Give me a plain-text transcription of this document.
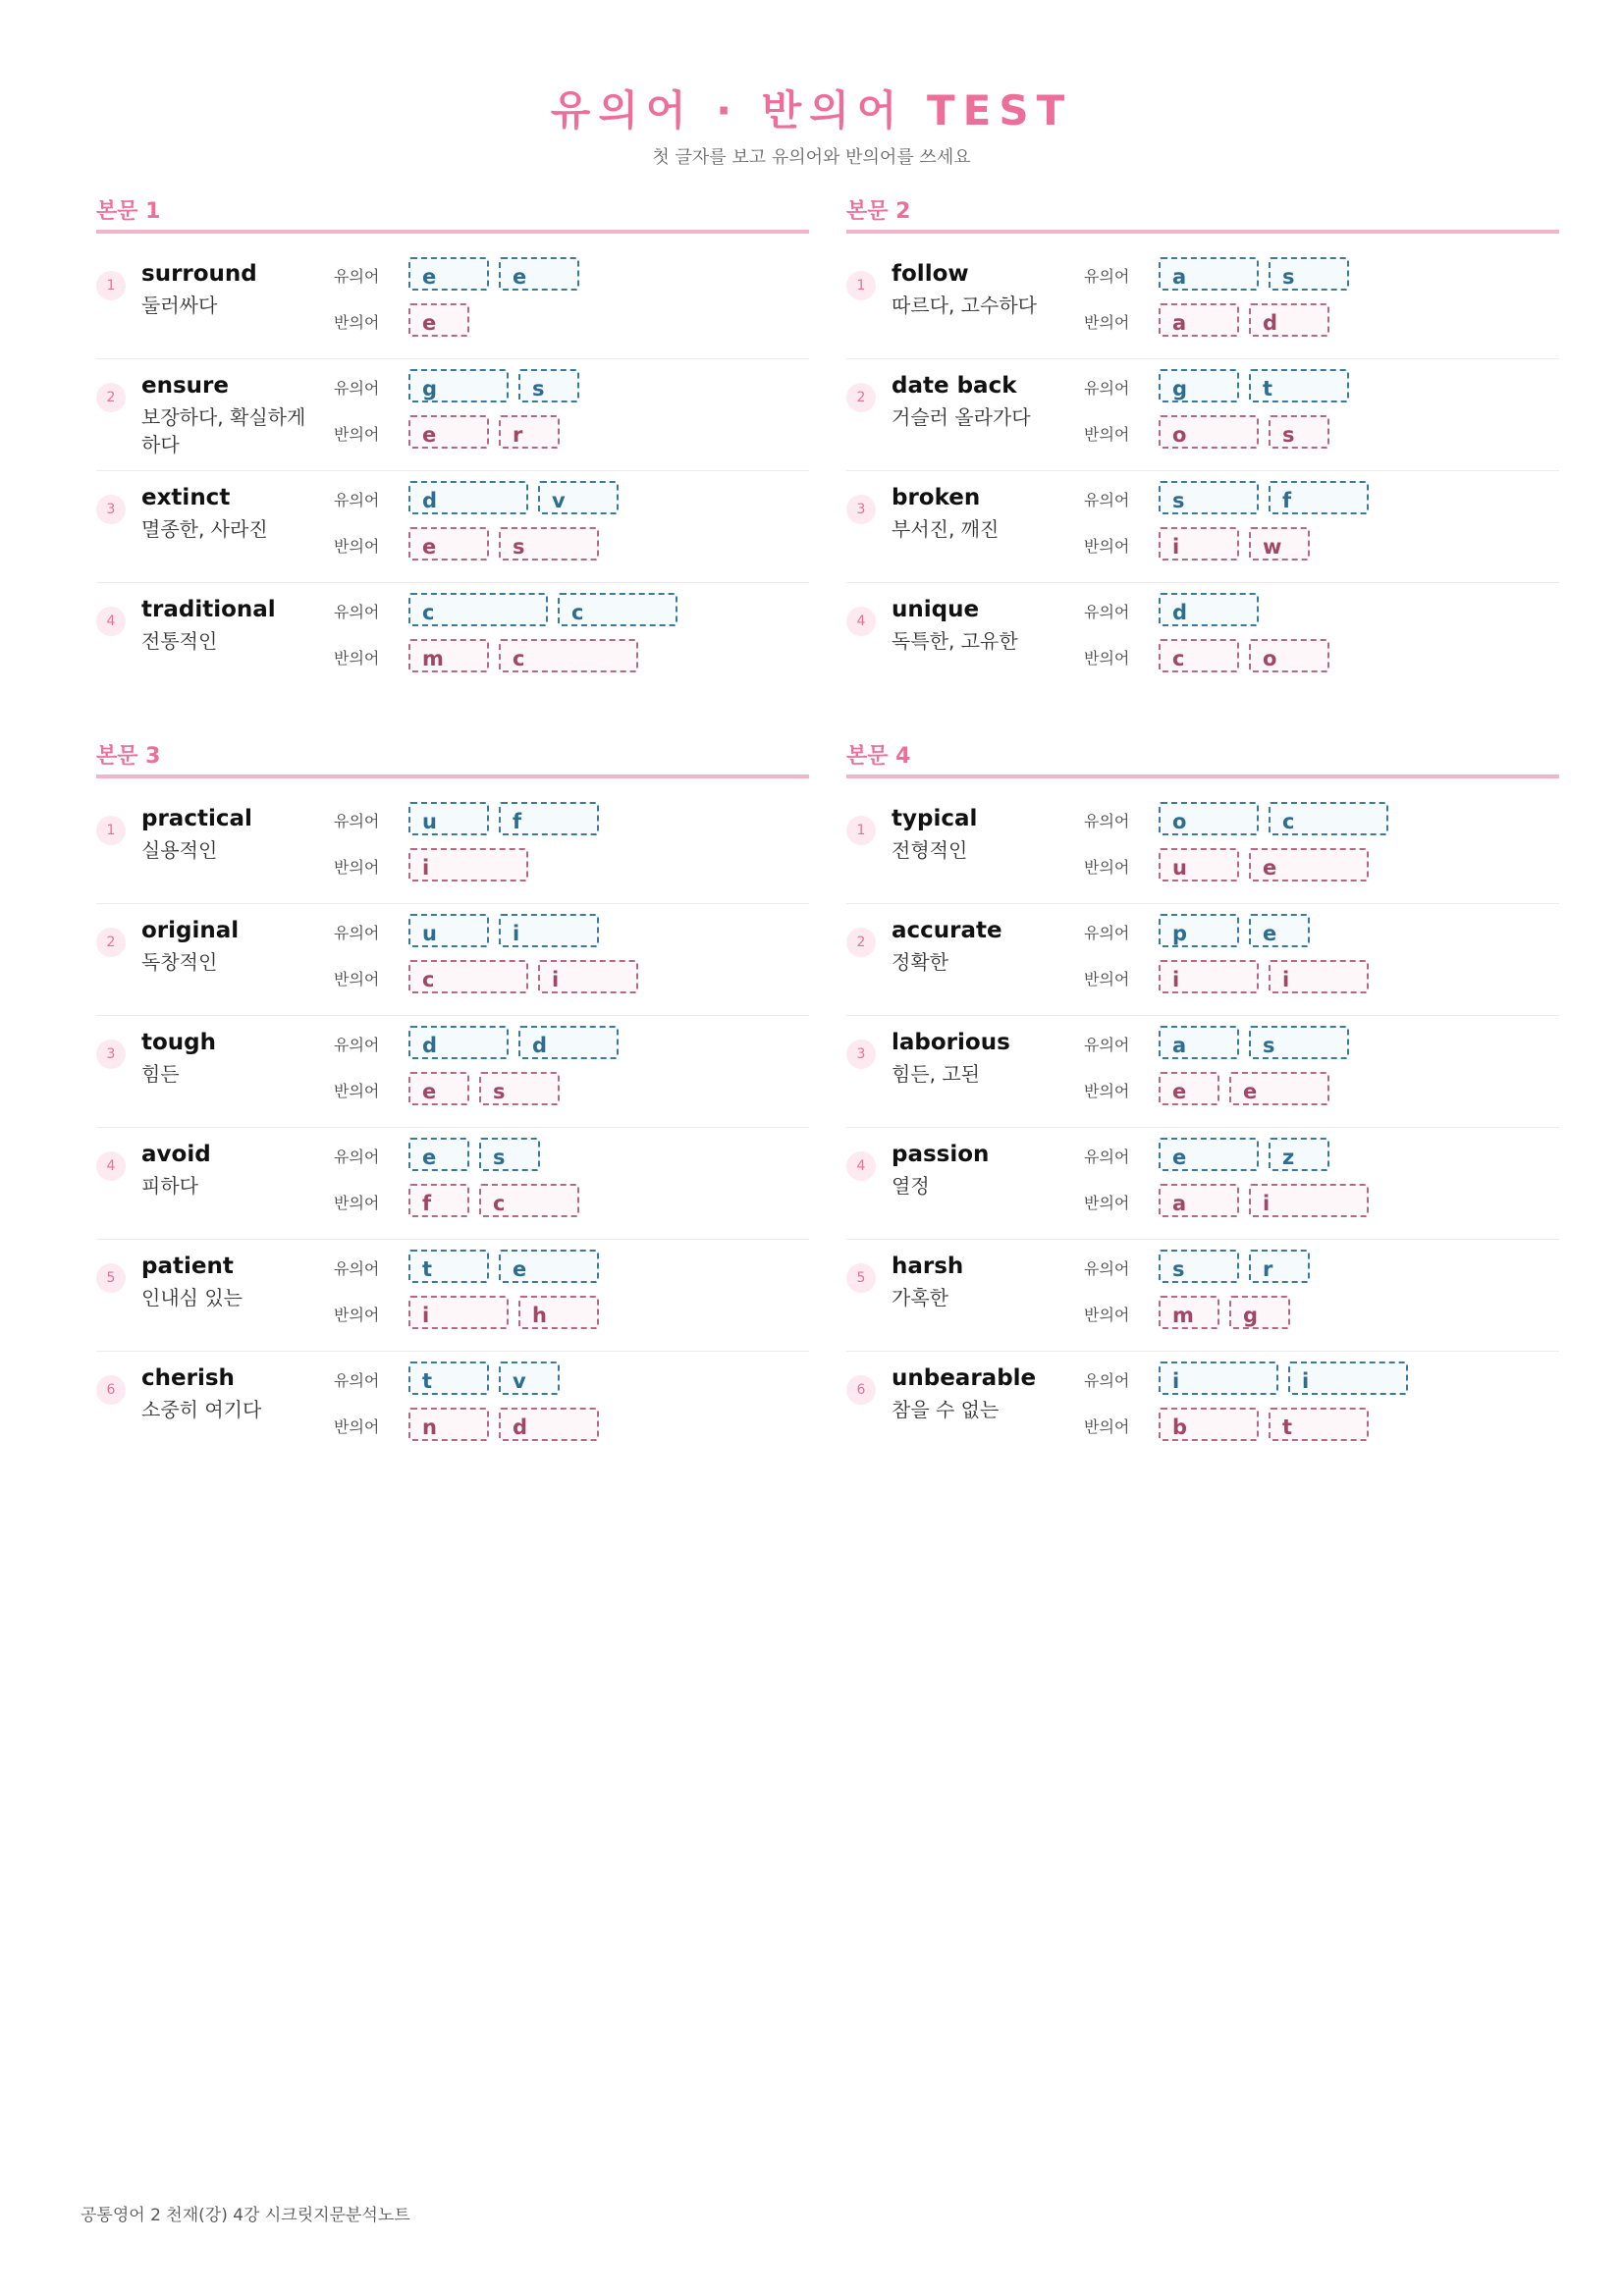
유의어 · 반의어 TEST
첫 글자를 보고 유의어와 반의어를 쓰세요
본문 1
1	surround
둘러싸다
유의어
반의어
e	e
e
2	ensure
보장하다, 확실하게 하다
유의어
반의어
g	s
e	r
3	extinct
멸종한, 사라진
유의어
반의어
d	v
e	s
4	traditional
전통적인
유의어
반의어
c	c
m	c
본문 2
1	follow
따르다, 고수하다
유의어
반의어
a	s
a	d
2	date back
거슬러 올라가다
유의어
반의어
g	t
o	s
3	broken
부서진, 깨진
유의어
반의어
s	f
i	w
4	unique
독특한, 고유한
유의어
반의어
d
c	o
본문 3
1	practical
실용적인
유의어
반의어
u	f
i
2	original
독창적인
유의어
반의어
u	i
c	i
3	tough
힘든
유의어
반의어
d	d
e	s
4	avoid
피하다
유의어
반의어
e	s
f	c
5	patient
인내심 있는
유의어
반의어
t	e
i	h
6	cherish
소중히 여기다
유의어
반의어
t	v
n	d
본문 4
1	typical
전형적인
유의어
반의어
o	c
u	e
2	accurate
정확한
유의어
반의어
p	e
i	i
3	laborious
힘든, 고된
유의어
반의어
a	s
e	e
4	passion
열정
유의어
반의어
e	z
a	i
5	harsh
가혹한
유의어
반의어
s	r
m g
6	unbearable
참을 수 없는
유의어
반의어
i	i
b	t
공통영어 2 천재(강) 4강 시크릿지문분석노트
